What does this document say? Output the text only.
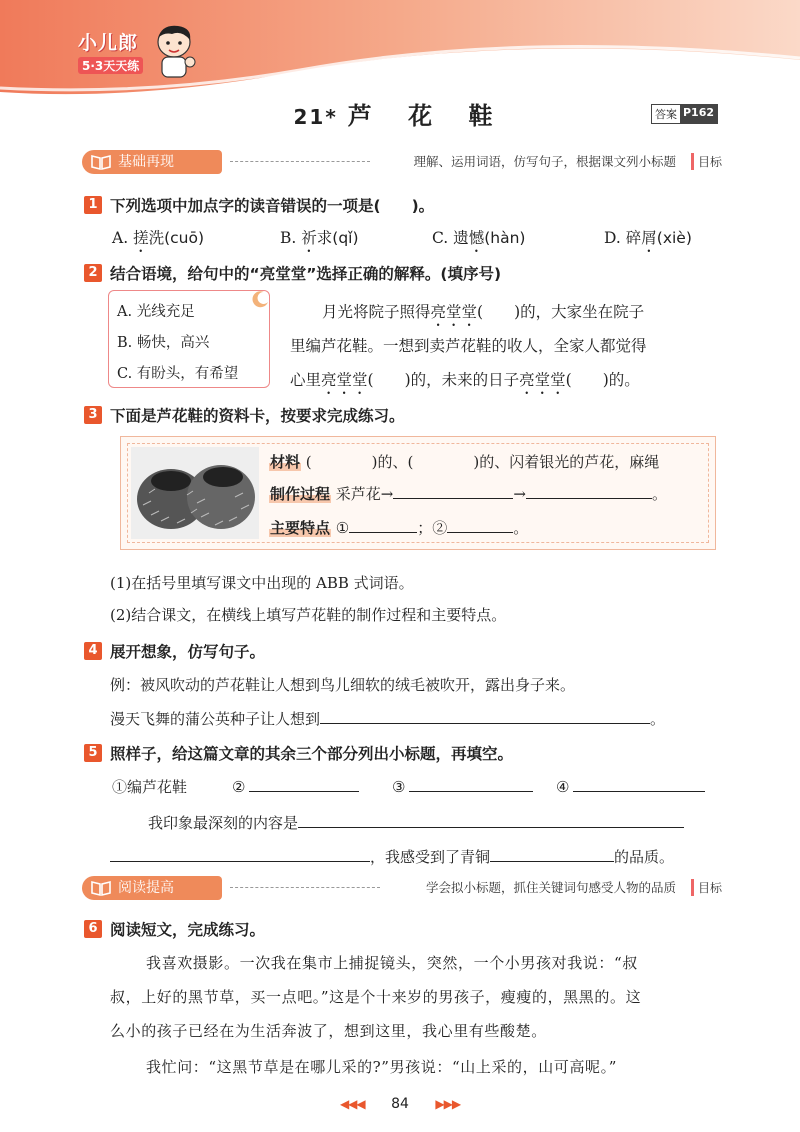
小儿郎
5·3天天练
21* 芦 花 鞋	答案 P162
基础再现	理解、运用词语，仿写句子，根据课文列小标题	目标
1 下列选项中加点字的读音错误的一项是(　　)。
A. 搓洗(cuō)	B. 祈求(qǐ)	C. 遗憾(hàn)	D. 碎屑(xiè)
2 结合语境，给句中的“亮堂堂”选择正确的解释。(填序号)
A. 光线充足
B. 畅快，高兴
C. 有盼头，有希望
月光将院子照得亮堂堂(　　)的，大家坐在院子
里编芦花鞋。一想到卖芦花鞋的收人，全家人都觉得
心里亮堂堂(　　)的，未来的日子亮堂堂(　　)的。
3 下面是芦花鞋的资料卡，按要求完成练习。
材料 (　　　　)的、(　　　　)的、闪着银光的芦花，麻绳
制作过程 采芦花→	→	。
主要特点 ①	；②	。
(1)在括号里填写课文中出现的 ABB 式词语。
(2)结合课文，在横线上填写芦花鞋的制作过程和主要特点。
4 展开想象，仿写句子。
例：被风吹动的芦花鞋让人想到鸟儿细软的绒毛被吹开，露出身子来。
漫天飞舞的蒲公英种子让人想到	。
5 照样子，给这篇文章的其余三个部分列出小标题，再填空。
①编芦花鞋	②	③	④
我印象最深刻的内容是
，我感受到了青铜	的品质。
阅读提高	学会拟小标题，抓住关键词句感受人物的品质	目标
6 阅读短文，完成练习。
我喜欢摄影。一次我在集市上捕捉镜头，突然，一个小男孩对我说：“叔
叔，上好的黑节草，买一点吧。”这是个十来岁的男孩子，瘦瘦的，黑黑的。这
么小的孩子已经在为生活奔波了，想到这里，我心里有些酸楚。
我忙问：“这黑节草是在哪儿采的?”男孩说：“山上采的，山可高呢。”
◀◀◀ 84 ▶▶▶
